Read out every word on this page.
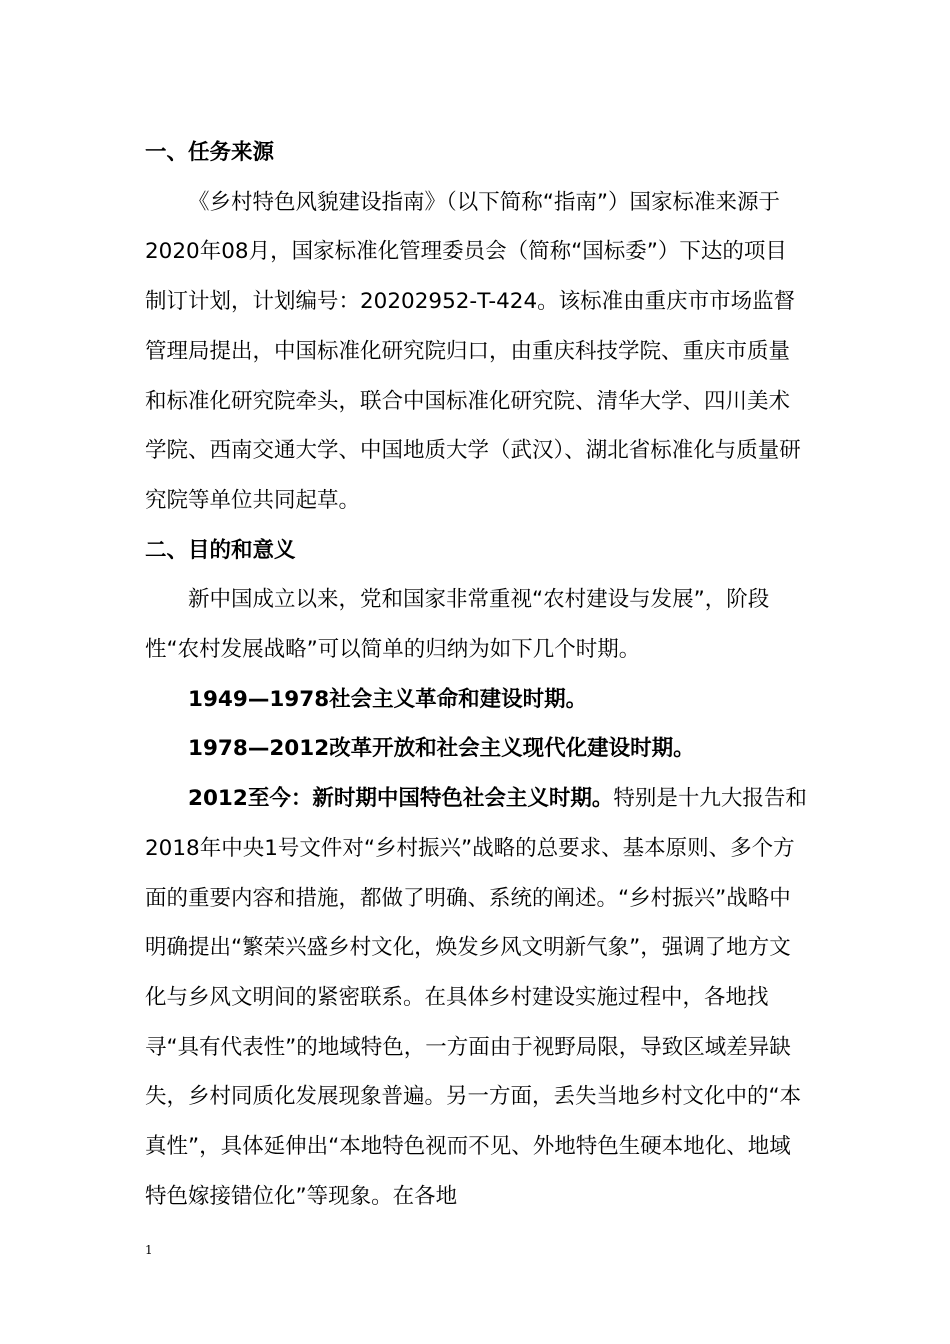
一、任务来源

《乡村特色风貌建设指南》（以下简称“指南”）国家标准来源于2020年08月，国家标准化管理委员会（简称“国标委”）下达的项目制订计划，计划编号：20202952-T-424。该标准由重庆市市场监督管理局提出，中国标准化研究院归口，由重庆科技学院、重庆市质量和标准化研究院牵头，联合中国标准化研究院、清华大学、四川美术学院、西南交通大学、中国地质大学（武汉）、湖北省标准化与质量研究院等单位共同起草。

二、目的和意义

新中国成立以来，党和国家非常重视“农村建设与发展”，阶段性“农村发展战略”可以简单的归纳为如下几个时期。

1949—1978社会主义革命和建设时期。

1978—2012改革开放和社会主义现代化建设时期。

2012至今：新时期中国特色社会主义时期。特别是十九大报告和2018年中央1号文件对“乡村振兴”战略的总要求、基本原则、多个方面的重要内容和措施，都做了明确、系统的阐述。“乡村振兴”战略中明确提出“繁荣兴盛乡村文化，焕发乡风文明新气象”，强调了地方文化与乡风文明间的紧密联系。在具体乡村建设实施过程中，各地找寻“具有代表性”的地域特色，一方面由于视野局限，导致区域差异缺失，乡村同质化发展现象普遍。另一方面，丢失当地乡村文化中的“本真性”，具体延伸出“本地特色视而不见、外地特色生硬本地化、地域特色嫁接错位化”等现象。在各地

1
